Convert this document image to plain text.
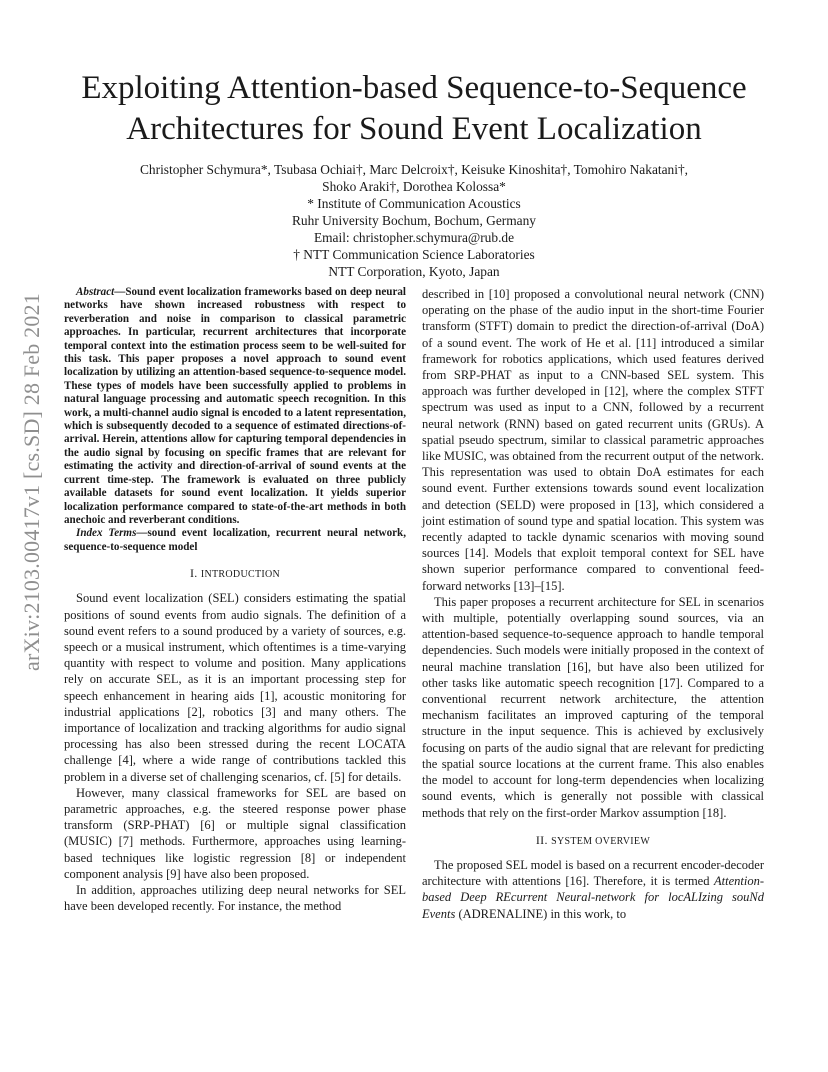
Exploiting Attention-based Sequence-to-Sequence
Architectures for Sound Event Localization
Christopher Schymura*, Tsubasa Ochiai†, Marc Delcroix†, Keisuke Kinoshita†, Tomohiro Nakatani†,
Shoko Araki†, Dorothea Kolossa*
* Institute of Communication Acoustics
Ruhr University Bochum, Bochum, Germany
Email: christopher.schymura@rub.de
† NTT Communication Science Laboratories
NTT Corporation, Kyoto, Japan
arXiv:2103.00417v1 [cs.SD] 28 Feb 2021

Abstract—Sound event localization frameworks based on deep neural networks have shown increased robustness with respect to reverberation and noise in comparison to classical parametric approaches. In particular, recurrent architectures that incorporate temporal context into the estimation process seem to be well-suited for this task. This paper proposes a novel approach to sound event localization by utilizing an attention-based sequence-to-sequence model. These types of models have been successfully applied to problems in natural language processing and automatic speech recognition. In this work, a multi-channel audio signal is encoded to a latent representation, which is subsequently decoded to a sequence of estimated directions-of-arrival. Herein, attentions allow for capturing temporal dependencies in the audio signal by focusing on specific frames that are relevant for estimating the activity and direction-of-arrival of sound events at the current time-step. The framework is evaluated on three publicly available datasets for sound event localization. It yields superior localization performance compared to state-of-the-art methods in both anechoic and reverberant conditions.

Index Terms—sound event localization, recurrent neural network, sequence-to-sequence model

I. INTRODUCTION

Sound event localization (SEL) considers estimating the spatial positions of sound events from audio signals. The definition of a sound event refers to a sound produced by a variety of sources, e.g. speech or a musical instrument, which oftentimes is a time-varying quantity with respect to volume and position. Many applications rely on accurate SEL, as it is an important processing step for speech enhancement in hearing aids [1], acoustic monitoring for industrial applications [2], robotics [3] and many others. The importance of localization and tracking algorithms for audio signal processing has also been stressed during the recent LOCATA challenge [4], where a wide range of contributions tackled this problem in a diverse set of challenging scenarios, cf. [5] for details.

However, many classical frameworks for SEL are based on parametric approaches, e.g. the steered response power phase transform (SRP-PHAT) [6] or multiple signal classification (MUSIC) [7] methods. Furthermore, approaches using learning-based techniques like logistic regression [8] or independent component analysis [9] have also been proposed.

In addition, approaches utilizing deep neural networks for SEL have been developed recently. For instance, the method

described in [10] proposed a convolutional neural network (CNN) operating on the phase of the audio input in the short-time Fourier transform (STFT) domain to predict the direction-of-arrival (DoA) of a sound event. The work of He et al. [11] introduced a similar framework for robotics applications, which used features derived from SRP-PHAT as input to a CNN-based SEL system. This approach was further developed in [12], where the complex STFT spectrum was used as input to a CNN, followed by a recurrent neural network (RNN) based on gated recurrent units (GRUs). A spatial pseudo spectrum, similar to classical parametric approaches like MUSIC, was obtained from the recurrent output of the network. This representation was used to obtain DoA estimates for each sound event. Further extensions towards sound event localization and detection (SELD) were proposed in [13], which considered a joint estimation of sound type and spatial location. This system was recently adapted to tackle dynamic scenarios with moving sound sources [14]. Models that exploit temporal context for SEL have shown superior performance compared to conventional feed-forward networks [13]–[15].

This paper proposes a recurrent architecture for SEL in scenarios with multiple, potentially overlapping sound sources, via an attention-based sequence-to-sequence approach to handle temporal dependencies. Such models were initially proposed in the context of neural machine translation [16], but have also been utilized for other tasks like automatic speech recognition [17]. Compared to a conventional recurrent network architecture, the attention mechanism facilitates an improved capturing of the temporal structure in the input sequence. This is achieved by exclusively focusing on parts of the audio signal that are relevant for predicting the spatial source locations at the current frame. This also enables the model to account for long-term dependencies when localizing sound events, which is generally not possible with classical methods that rely on the first-order Markov assumption [18].

II. SYSTEM OVERVIEW

The proposed SEL model is based on a recurrent encoder-decoder architecture with attentions [16]. Therefore, it is termed Attention-based Deep REcurrent Neural-network for locALIzing souNd Events (ADRENALINE) in this work, to
